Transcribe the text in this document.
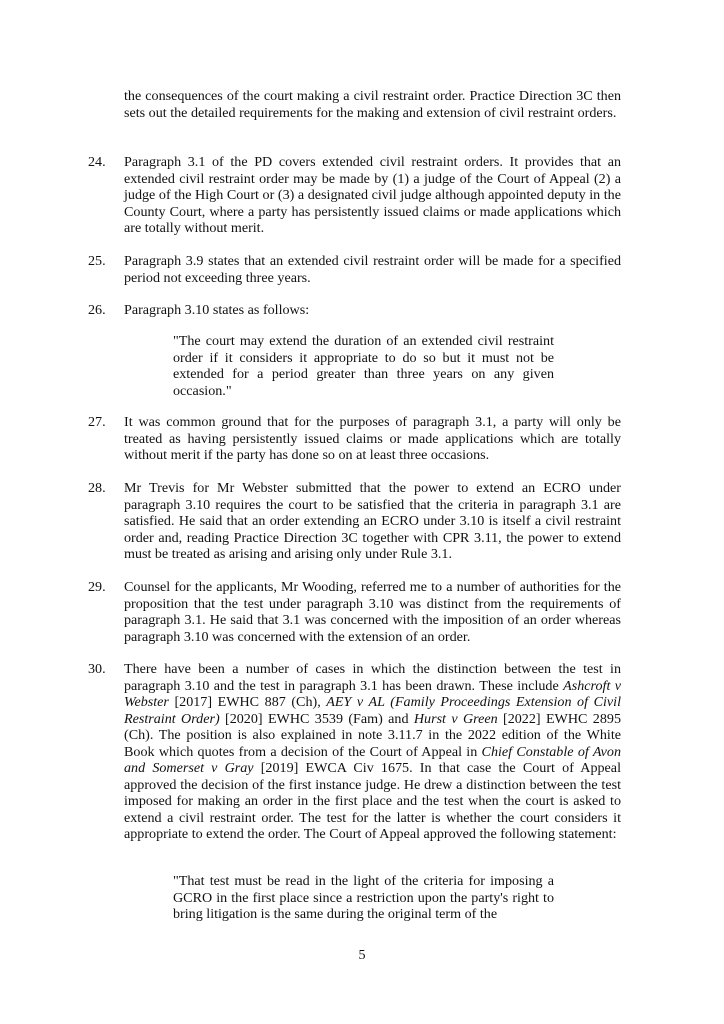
the consequences of the court making a civil restraint order. Practice Direction 3C then sets out the detailed requirements for the making and extension of civil restraint orders.
24.	Paragraph 3.1 of the PD covers extended civil restraint orders. It provides that an extended civil restraint order may be made by (1) a judge of the Court of Appeal (2) a judge of the High Court or (3) a designated civil judge although appointed deputy in the County Court, where a party has persistently issued claims or made applications which are totally without merit.
25.	Paragraph 3.9 states that an extended civil restraint order will be made for a specified period not exceeding three years.
26.	Paragraph 3.10 states as follows:
"The court may extend the duration of an extended civil restraint order if it considers it appropriate to do so but it must not be extended for a period greater than three years on any given occasion."
27.	It was common ground that for the purposes of paragraph 3.1, a party will only be treated as having persistently issued claims or made applications which are totally without merit if the party has done so on at least three occasions.
28.	Mr Trevis for Mr Webster submitted that the power to extend an ECRO under paragraph 3.10 requires the court to be satisfied that the criteria in paragraph 3.1 are satisfied. He said that an order extending an ECRO under 3.10 is itself a civil restraint order and, reading Practice Direction 3C together with CPR 3.11, the power to extend must be treated as arising and arising only under Rule 3.1.
29.	Counsel for the applicants, Mr Wooding, referred me to a number of authorities for the proposition that the test under paragraph 3.10 was distinct from the requirements of paragraph 3.1. He said that 3.1 was concerned with the imposition of an order whereas paragraph 3.10 was concerned with the extension of an order.
30.	There have been a number of cases in which the distinction between the test in paragraph 3.10 and the test in paragraph 3.1 has been drawn. These include Ashcroft v Webster [2017] EWHC 887 (Ch), AEY v AL (Family Proceedings Extension of Civil Restraint Order) [2020] EWHC 3539 (Fam) and Hurst v Green [2022] EWHC 2895 (Ch). The position is also explained in note 3.11.7 in the 2022 edition of the White Book which quotes from a decision of the Court of Appeal in Chief Constable of Avon and Somerset v Gray [2019] EWCA Civ 1675. In that case the Court of Appeal approved the decision of the first instance judge. He drew a distinction between the test imposed for making an order in the first place and the test when the court is asked to extend a civil restraint order. The test for the latter is whether the court considers it appropriate to extend the order. The Court of Appeal approved the following statement:
"That test must be read in the light of the criteria for imposing a GCRO in the first place since a restriction upon the party's right to bring litigation is the same during the original term of the
5
